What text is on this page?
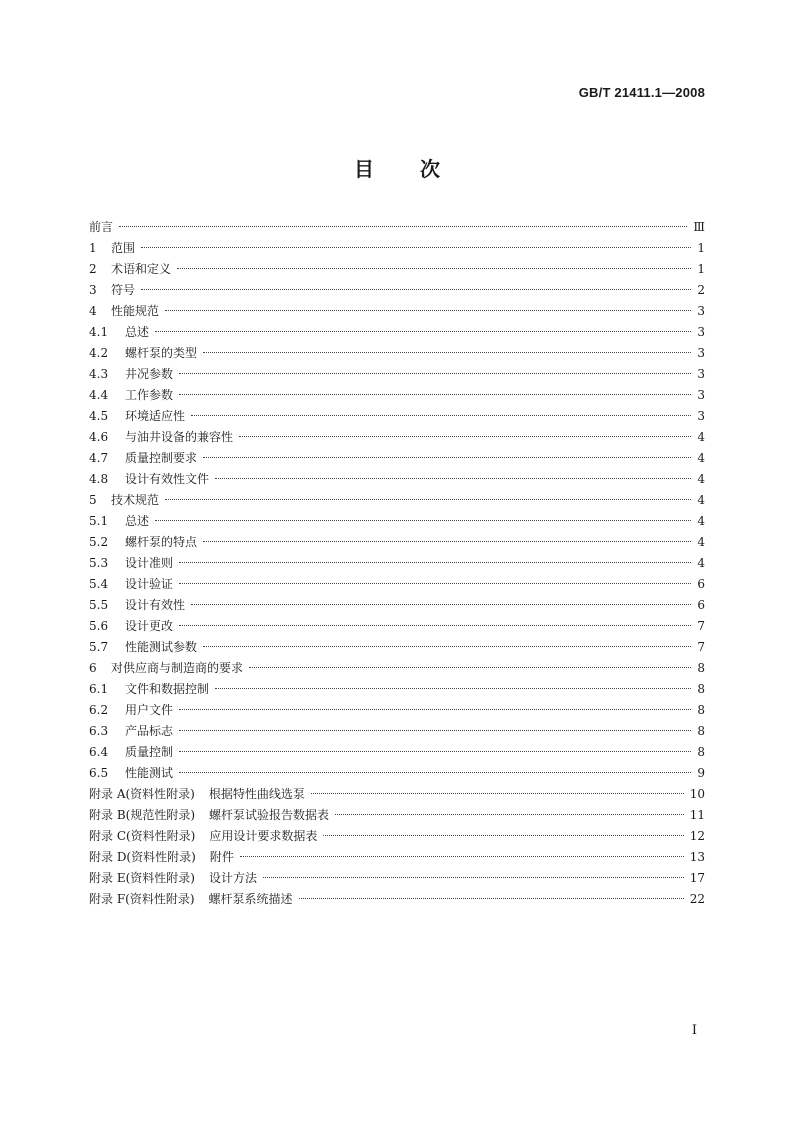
GB/T 21411.1—2008
目 次
前言	Ⅲ
1 范围	1
2 术语和定义	1
3 符号	2
4 性能规范	3
4.1 总述	3
4.2 螺杆泵的类型	3
4.3 井况参数	3
4.4 工作参数	3
4.5 环境适应性	3
4.6 与油井设备的兼容性	4
4.7 质量控制要求	4
4.8 设计有效性文件	4
5 技术规范	4
5.1 总述	4
5.2 螺杆泵的特点	4
5.3 设计准则	4
5.4 设计验证	6
5.5 设计有效性	6
5.6 设计更改	7
5.7 性能测试参数	7
6 对供应商与制造商的要求	8
6.1 文件和数据控制	8
6.2 用户文件	8
6.3 产品标志	8
6.4 质量控制	8
6.5 性能测试	9
附录 A(资料性附录) 根据特性曲线选泵	10
附录 B(规范性附录) 螺杆泵试验报告数据表	11
附录 C(资料性附录) 应用设计要求数据表	12
附录 D(资料性附录) 附件	13
附录 E(资料性附录) 设计方法	17
附录 F(资料性附录) 螺杆泵系统描述	22
I
